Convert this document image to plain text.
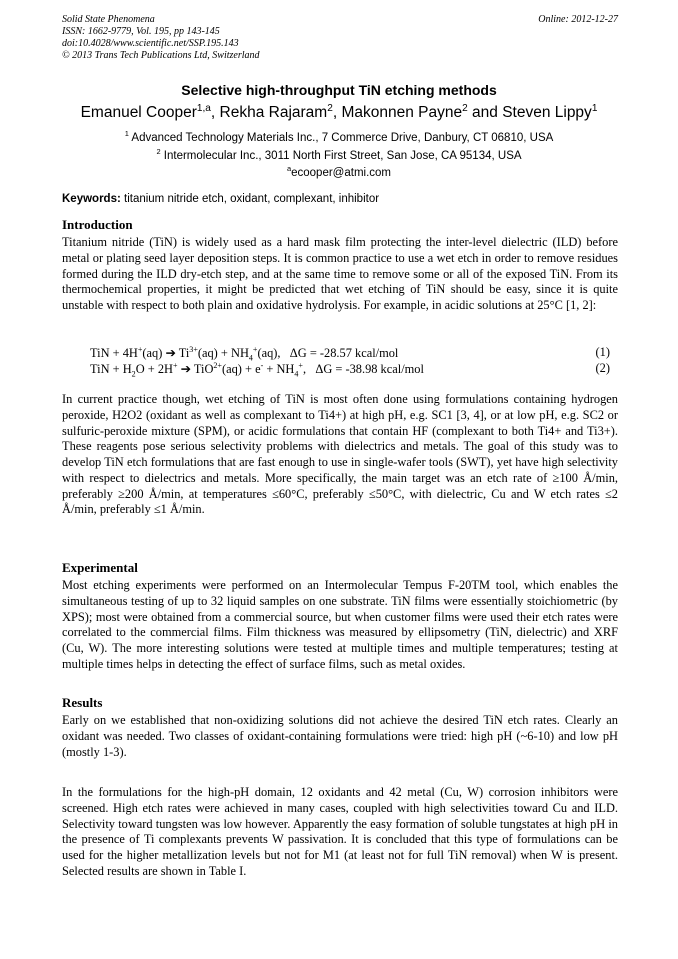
Solid State Phenomena
ISSN: 1662-9779, Vol. 195, pp 143-145
doi:10.4028/www.scientific.net/SSP.195.143
© 2013 Trans Tech Publications Ltd, Switzerland
Online: 2012-12-27
Selective high-throughput TiN etching methods
Emanuel Cooper$^{1,a}$, Rekha Rajaram$^2$, Makonnen Payne$^2$ and Steven Lippy$^1$
$^1$ Advanced Technology Materials Inc., 7 Commerce Drive, Danbury, CT 06810, USA
$^2$ Intermolecular Inc., 3011 North First Street, San Jose, CA 95134, USA
$^a$ecooper@atmi.com
Keywords: titanium nitride etch, oxidant, complexant, inhibitor
Introduction
Titanium nitride (TiN) is widely used as a hard mask film protecting the inter-level dielectric (ILD) before metal or plating seed layer deposition steps. It is common practice to use a wet etch in order to remove residues formed during the ILD dry-etch step, and at the same time to remove some or all of the exposed TiN. From its thermochemical properties, it might be predicted that wet etching of TiN should be easy, since it is quite unstable with respect to both plain and oxidative hydrolysis. For example, in acidic solutions at 25°C [1, 2]:
TiN + 4H+(aq) ➔ $Ti^{3+}(aq) + NH_4^+(aq)$,   ΔG = -28.57 kcal/mol	(1)
TiN + $H_2O + 2H^+$ ➔ $TiO^{2+}(aq) + e^- + NH_4^+$,   ΔG = -38.98 kcal/mol	(2)
In current practice though, wet etching of TiN is most often done using formulations containing hydrogen peroxide, H2O2 (oxidant as well as complexant to Ti4+) at high pH, e.g. SC1 [3, 4], or at low pH, e.g. SC2 or sulfuric-peroxide mixture (SPM), or acidic formulations that contain HF (complexant to both Ti4+ and Ti3+). These reagents pose serious selectivity problems with dielectrics and metals. The goal of this study was to develop TiN etch formulations that are fast enough to use in single-wafer tools (SWT), yet have high selectivity with respect to dielectrics and metals. More specifically, the main target was an etch rate of ≥100 Å/min, preferably ≥200 Å/min, at temperatures ≤60°C, preferably ≤50°C, with dielectric, Cu and W etch rates ≤2 Å/min, preferably ≤1 Å/min.
Experimental
Most etching experiments were performed on an Intermolecular Tempus F-20TM tool, which enables the simultaneous testing of up to 32 liquid samples on one substrate. TiN films were essentially stoichiometric (by XPS); most were obtained from a commercial source, but when customer films were used their etch rates were correlated to the commercial films. Film thickness was measured by ellipsometry (TiN, dielectric) and XRF (Cu, W). The more interesting solutions were tested at multiple times and multiple temperatures; testing at multiple times helps in detecting the effect of surface films, such as metal oxides.
Results
Early on we established that non-oxidizing solutions did not achieve the desired TiN etch rates. Clearly an oxidant was needed. Two classes of oxidant-containing formulations were tried: high pH (~6-10) and low pH (mostly 1-3).
In the formulations for the high-pH domain, 12 oxidants and 42 metal (Cu, W) corrosion inhibitors were screened. High etch rates were achieved in many cases, coupled with high selectivities toward Cu and ILD. Selectivity toward tungsten was low however. Apparently the easy formation of soluble tungstates at high pH in the presence of Ti complexants prevents W passivation. It is concluded that this type of formulations can be used for the higher metallization levels but not for M1 (at least not for full TiN removal) when W is present. Selected results are shown in Table I.
